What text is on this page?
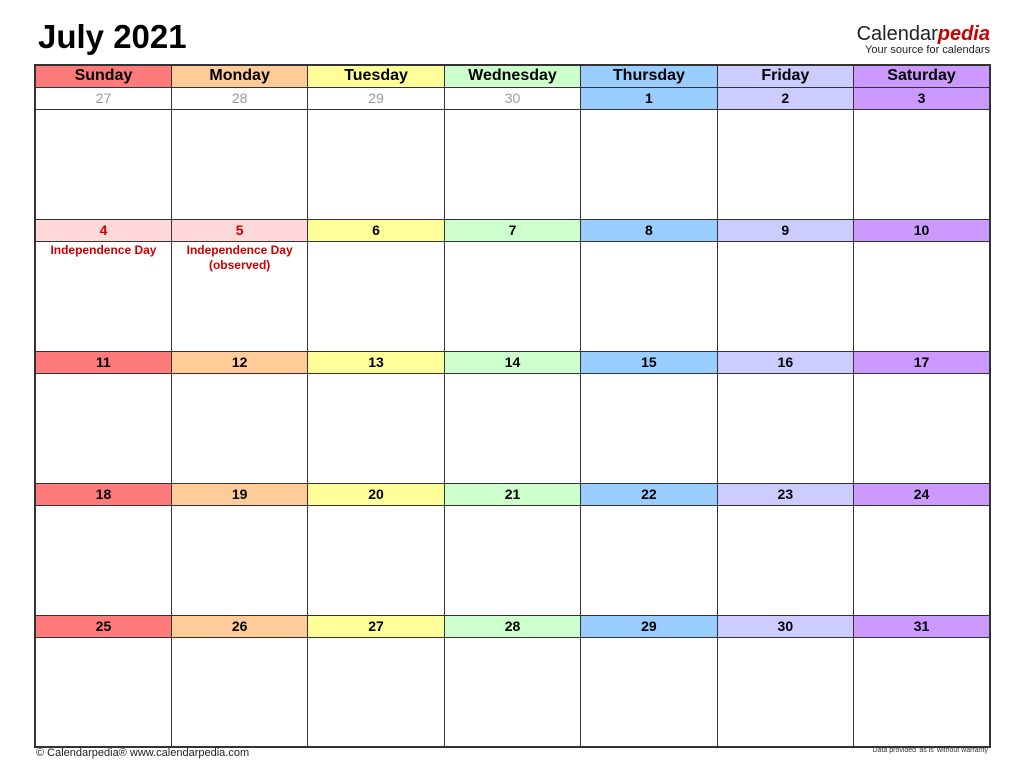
July 2021	Calendarpedia
Your source for calendars
Sunday	Monday	Tuesday	Wednesday	Thursday	Friday	Saturday
27	28	29	30	1	2	3

4	5	6	7	8	9	10

Independence Day	Independence Day
(observed)					

11	12	13	14	15	16	17

18	19	20	21	22	23	24

25	26	27	28	29	30	31

© Calendarpedia® www.calendarpedia.com	Data provided 'as is' without warranty
